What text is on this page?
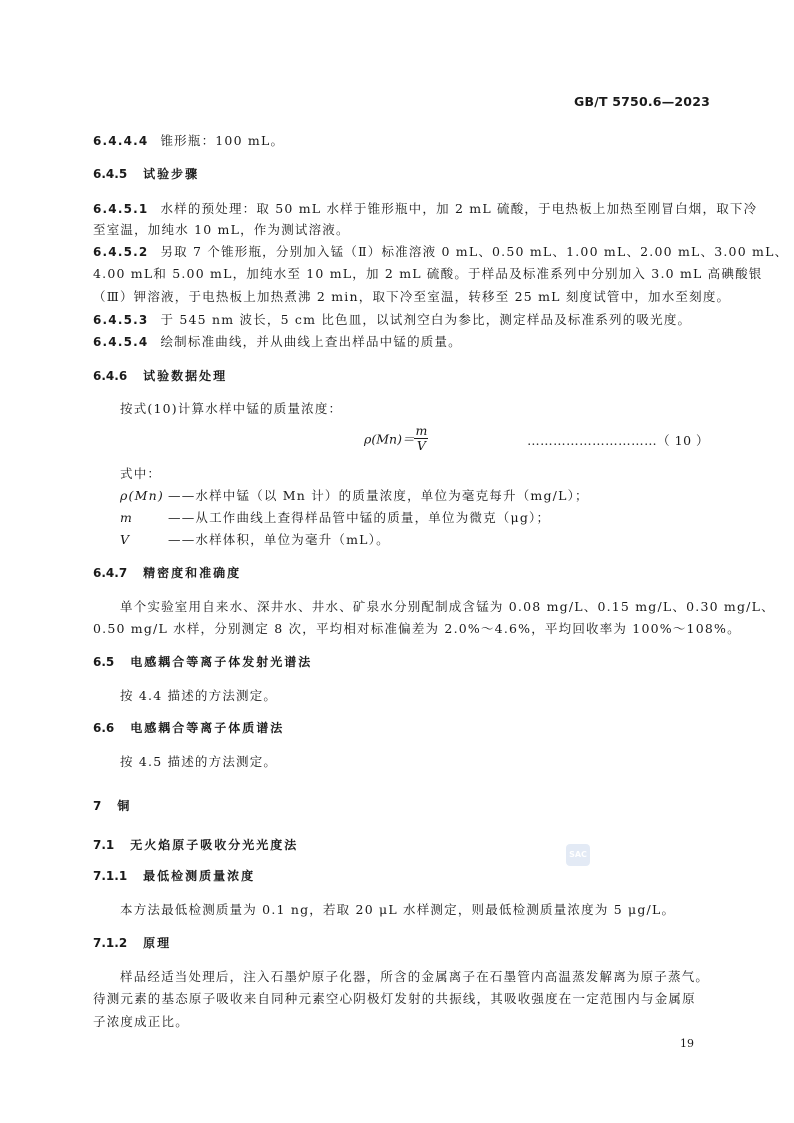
GB/T 5750.6—2023
6.4.4.4 锥形瓶：100 mL。
6.4.5 试验步骤
6.4.5.1 水样的预处理：取 50 mL 水样于锥形瓶中，加 2 mL 硫酸，于电热板上加热至刚冒白烟，取下冷
至室温，加纯水 10 mL，作为测试溶液。
6.4.5.2 另取 7 个锥形瓶，分别加入锰（Ⅱ）标准溶液 0 mL、0.50 mL、1.00 mL、2.00 mL、3.00 mL、
4.00 mL和 5.00 mL，加纯水至 10 mL，加 2 mL 硫酸。于样品及标准系列中分别加入 3.0 mL 高碘酸银
（Ⅲ）钾溶液，于电热板上加热煮沸 2 min，取下冷至室温，转移至 25 mL 刻度试管中，加水至刻度。
6.4.5.3 于 545 nm 波长，5 cm 比色皿，以试剂空白为参比，测定样品及标准系列的吸光度。
6.4.5.4 绘制标准曲线，并从曲线上查出样品中锰的质量。
6.4.6 试验数据处理
按式(10)计算水样中锰的质量浓度：
$\rho(Mn)= \frac{m}{V}$	…………………………（ 10 ）
式中：
ρ(Mn) ——水样中锰（以 Mn 计）的质量浓度，单位为毫克每升（mg/L）；
m	——从工作曲线上查得样品管中锰的质量，单位为微克（μg）；
V	——水样体积，单位为毫升（mL）。
6.4.7 精密度和准确度
单个实验室用自来水、深井水、井水、矿泉水分别配制成含锰为 0.08 mg/L、0.15 mg/L、0.30 mg/L、
0.50 mg/L 水样，分别测定 8 次，平均相对标准偏差为 2.0%～4.6%，平均回收率为 100%～108%。
6.5 电感耦合等离子体发射光谱法
按 4.4 描述的方法测定。
6.6 电感耦合等离子体质谱法
按 4.5 描述的方法测定。
7 铜
7.1 无火焰原子吸收分光光度法
SAC
7.1.1 最低检测质量浓度
本方法最低检测质量为 0.1 ng，若取 20 μL 水样测定，则最低检测质量浓度为 5 μg/L。
7.1.2 原理
样品经适当处理后，注入石墨炉原子化器，所含的金属离子在石墨管内高温蒸发解离为原子蒸气。
待测元素的基态原子吸收来自同种元素空心阴极灯发射的共振线，其吸收强度在一定范围内与金属原
子浓度成正比。
19
